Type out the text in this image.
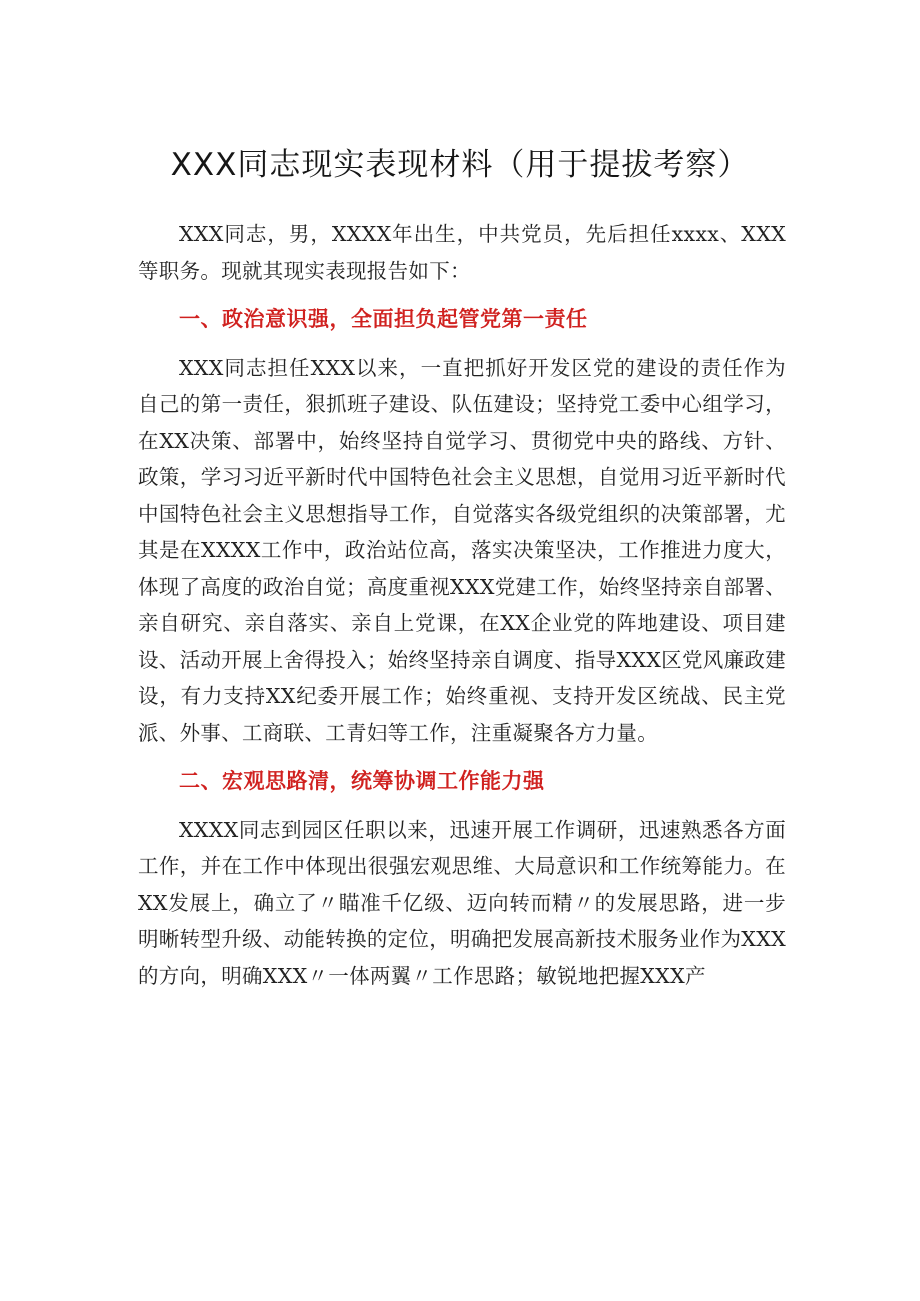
XXX同志现实表现材料（用于提拔考察）

XXX同志，男，XXXX年出生，中共党员，先后担任xxxx、XXX等职务。现就其现实表现报告如下：

一、政治意识强，全面担负起管党第一责任

XXX同志担任XXX以来，一直把抓好开发区党的建设的责任作为自己的第一责任，狠抓班子建设、队伍建设；坚持党工委中心组学习，在XX决策、部署中，始终坚持自觉学习、贯彻党中央的路线、方针、政策，学习习近平新时代中国特色社会主义思想，自觉用习近平新时代中国特色社会主义思想指导工作，自觉落实各级党组织的决策部署，尤其是在XXXX工作中，政治站位高，落实决策坚决，工作推进力度大，体现了高度的政治自觉；高度重视XXX党建工作，始终坚持亲自部署、亲自研究、亲自落实、亲自上党课，在XX企业党的阵地建设、项目建设、活动开展上舍得投入；始终坚持亲自调度、指导XXX区党风廉政建设，有力支持XX纪委开展工作；始终重视、支持开发区统战、民主党派、外事、工商联、工青妇等工作，注重凝聚各方力量。

二、宏观思路清，统筹协调工作能力强

XXXX同志到园区任职以来，迅速开展工作调研，迅速熟悉各方面工作，并在工作中体现出很强宏观思维、大局意识和工作统筹能力。在XX发展上，确立了〃瞄准千亿级、迈向转而精〃的发展思路，进一步明晰转型升级、动能转换的定位，明确把发展高新技术服务业作为XXX的方向，明确XXX〃一体两翼〃工作思路；敏锐地把握XXX产
